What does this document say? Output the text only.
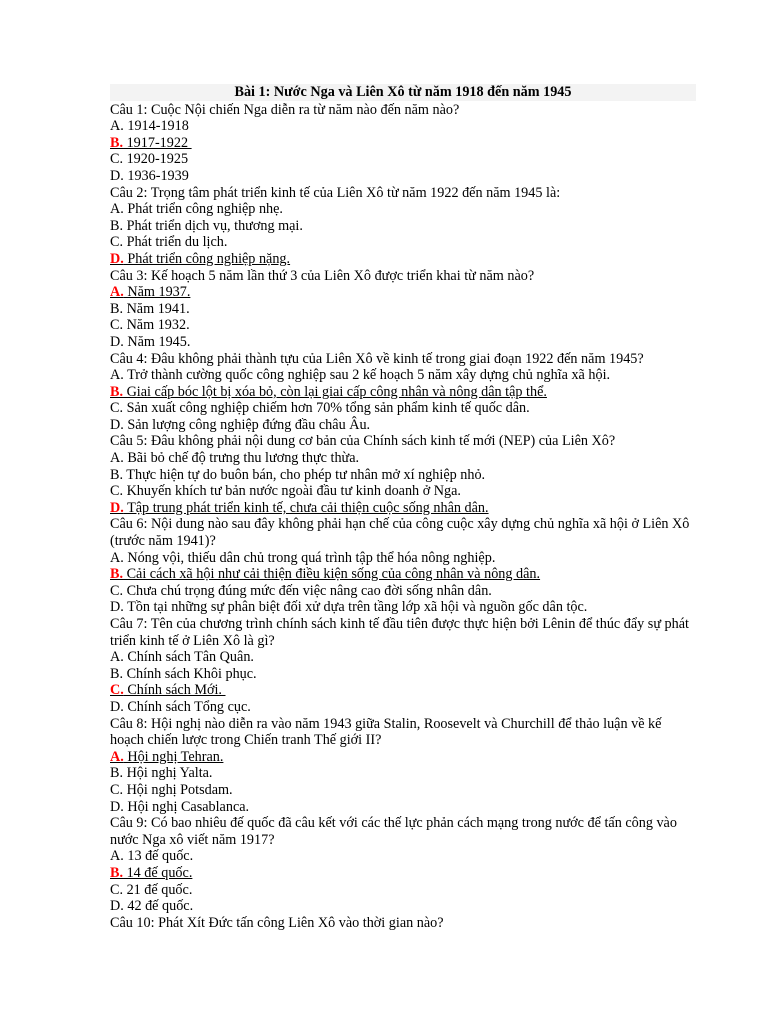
Bài 1: Nước Nga và Liên Xô từ năm 1918 đến năm 1945
Câu 1: Cuộc Nội chiến Nga diễn ra từ năm nào đến năm nào?
A. 1914-1918
B. 1917-1922
C. 1920-1925
D. 1936-1939
Câu 2: Trọng tâm phát triển kinh tế của Liên Xô từ năm 1922 đến năm 1945 là:
A. Phát triển công nghiệp nhẹ.
B. Phát triển dịch vụ, thương mại.
C. Phát triển du lịch.
D. Phát triển công nghiệp nặng.
Câu 3: Kế hoạch 5 năm lần thứ 3 của Liên Xô được triển khai từ năm nào?
A. Năm 1937.
B. Năm 1941.
C. Năm 1932.
D. Năm 1945.
Câu 4: Đâu không phải thành tựu của Liên Xô về kinh tế trong giai đoạn 1922 đến năm 1945?
A. Trở thành cường quốc công nghiệp sau 2 kế hoạch 5 năm xây dựng chủ nghĩa xã hội.
B. Giai cấp bóc lột bị xóa bỏ, còn lại giai cấp công nhân và nông dân tập thể.
C. Sản xuất công nghiệp chiếm hơn 70% tổng sản phẩm kinh tế quốc dân.
D. Sản lượng công nghiệp đứng đầu châu Âu.
Câu 5: Đâu không phải nội dung cơ bản của Chính sách kinh tế mới (NEP) của Liên Xô?
A. Bãi bỏ chế độ trưng thu lương thực thừa.
B. Thực hiện tự do buôn bán, cho phép tư nhân mở xí nghiệp nhỏ.
C. Khuyến khích tư bản nước ngoài đầu tư kinh doanh ở Nga.
D. Tập trung phát triển kinh tế, chưa cải thiện cuộc sống nhân dân.
Câu 6: Nội dung nào sau đây không phải hạn chế của công cuộc xây dựng chủ nghĩa xã hội ở Liên Xô (trước năm 1941)?
A. Nóng vội, thiếu dân chủ trong quá trình tập thể hóa nông nghiệp.
B. Cải cách xã hội như cải thiện điều kiện sống của công nhân và nông dân.
C. Chưa chú trọng đúng mức đến việc nâng cao đời sống nhân dân.
D. Tồn tại những sự phân biệt đối xử dựa trên tầng lớp xã hội và nguồn gốc dân tộc.
Câu 7: Tên của chương trình chính sách kinh tế đầu tiên được thực hiện bởi Lênin để thúc đẩy sự phát triển kinh tế ở Liên Xô là gì?
A. Chính sách Tân Quân.
B. Chính sách Khôi phục.
C. Chính sách Mới.
D. Chính sách Tổng cục.
Câu 8: Hội nghị nào diễn ra vào năm 1943 giữa Stalin, Roosevelt và Churchill để thảo luận về kế hoạch chiến lược trong Chiến tranh Thế giới II?
A. Hội nghị Tehran.
B. Hội nghị Yalta.
C. Hội nghị Potsdam.
D. Hội nghị Casablanca.
Câu 9: Có bao nhiêu đế quốc đã câu kết với các thế lực phản cách mạng trong nước để tấn công vào nước Nga xô viết năm 1917?
A. 13 đế quốc.
B. 14 đế quốc.
C. 21 đế quốc.
D. 42 đế quốc.
Câu 10: Phát Xít Đức tấn công Liên Xô vào thời gian nào?
